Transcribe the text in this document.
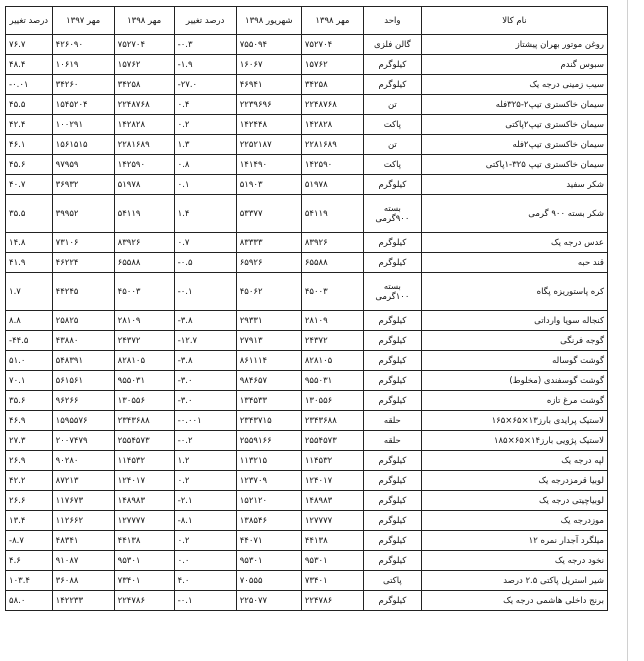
نام کالا	واحد	مهر ۱۳۹۸	شهریور ۱۳۹۸	درصد تغییر	مهر ۱۳۹۸	مهر ۱۳۹۷	درصد تغییر
روغن موتور بهران پیشتاز	گالن فلزی	۷۵۲۷۰۴	۷۵۵۰۹۴	-۰.۳	۷۵۲۷۰۴	۴۲۶۰۹۰	۷۶.۷
سبوس گندم	کیلوگرم	۱۵۷۶۲	۱۶۰۶۷	-۱.۹	۱۵۷۶۲	۱۰۶۱۹	۴۸.۴
سیب زمینی درجه یک	کیلوگرم	۳۴۲۵۸	۴۶۹۴۱	-۲۷.۰	۳۴۲۵۸	۳۴۲۶۰	-۰.۰۱
سیمان خاکستری تیپ۲-۳۲۵فله	تن	۲۲۴۸۷۶۸	۲۲۳۹۶۹۶	۰.۴	۲۲۴۸۷۶۸	۱۵۴۵۲۰۴	۴۵.۵
سیمان خاکستری تیپ۲پاکتی	پاکت	۱۴۲۸۲۸	۱۴۲۴۴۸	۰.۲	۱۴۲۸۲۸	۱۰۰۲۹۱	۴۲.۴
سیمان خاکستری تیپ۲فله	تن	۲۲۸۱۶۸۹	۲۲۵۲۱۸۷	۱.۳	۲۲۸۱۶۸۹	۱۵۶۱۵۱۵	۴۶.۱
سیمان خاکستری تیپ ۳۲۵-۱پاکتی	پاکت	۱۴۲۵۹۰	۱۴۱۴۹۰	۰.۸	۱۴۲۵۹۰	۹۷۹۵۹	۴۵.۶
شکر سفید	کیلوگرم	۵۱۹۷۸	۵۱۹۰۳	۰.۱	۵۱۹۷۸	۳۶۹۳۲	۴۰.۷
شکر بسته ۹۰۰ گرمی	بسته ۹۰۰گرمی	۵۴۱۱۹	۵۳۳۷۷	۱.۴	۵۴۱۱۹	۳۹۹۵۲	۳۵.۵
عدس درجه یک	کیلوگرم	۸۳۹۲۶	۸۳۳۳۳	۰.۷	۸۳۹۲۶	۷۳۱۰۶	۱۴.۸
قند حبه	کیلوگرم	۶۵۵۸۸	۶۵۹۲۶	-۰.۵	۶۵۵۸۸	۴۶۲۲۴	۴۱.۹
کره پاستوریزه پگاه	بسته ۱۰۰گرمی	۴۵۰۰۳	۴۵۰۶۲	-۰.۱	۴۵۰۰۳	۴۴۲۴۵	۱.۷
کنجاله سویا وارداتی	کیلوگرم	۲۸۱۰۹	۲۹۳۳۱	-۳.۸	۲۸۱۰۹	۲۵۸۲۵	۸.۸
گوجه فرنگی	کیلوگرم	۲۴۳۷۲	۲۷۹۱۳	-۱۲.۷	۲۴۳۷۲	۴۳۸۸۰	-۴۴.۵
گوشت گوساله	کیلوگرم	۸۲۸۱۰۵	۸۶۱۱۱۴	-۳.۸	۸۲۸۱۰۵	۵۴۸۳۹۱	۵۱.۰
گوشت گوسفندی (مخلوط)	کیلوگرم	۹۵۵۰۳۱	۹۸۴۶۵۷	-۳.۰	۹۵۵۰۳۱	۵۶۱۵۶۱	۷۰.۱
گوشت مرغ تازه	کیلوگرم	۱۳۰۵۵۶	۱۳۴۵۳۳	-۳.۰	۱۳۰۵۵۶	۹۶۲۶۶	۳۵.۶
لاستیک پرایدی بارز۱۳×۶۵×۱۶۵	حلقه	۲۳۴۳۶۸۸	۲۳۴۳۷۱۵	-۰.۰۰۱	۲۳۴۳۶۸۸	۱۵۹۵۵۷۶	۴۶.۹
لاستیک پژویی بارز۱۴×۶۵×۱۸۵	حلقه	۲۵۵۴۵۷۳	۲۵۵۹۱۶۶	-۰.۲	۲۵۵۴۵۷۳	۲۰۰۷۴۷۹	۲۷.۳
لپه درجه یک	کیلوگرم	۱۱۴۵۳۲	۱۱۳۲۱۵	۱.۲	۱۱۴۵۳۲	۹۰۲۸۰	۲۶.۹
لوبیا قرمزدرجه یک	کیلوگرم	۱۲۴۰۱۷	۱۲۳۷۰۹	۰.۲	۱۲۴۰۱۷	۸۷۲۱۳	۴۲.۲
لوبیاچیتی درجه یک	کیلوگرم	۱۴۸۹۸۳	۱۵۲۱۲۰	-۲.۱	۱۴۸۹۸۳	۱۱۷۶۷۳	۲۶.۶
موزدرجه یک	کیلوگرم	۱۲۷۷۷۷	۱۳۸۵۴۶	-۸.۱	۱۲۷۷۷۷	۱۱۲۶۶۲	۱۳.۴
میلگرد آجدار نمره ۱۲	کیلوگرم	۴۴۱۳۸	۴۴۰۷۱	۰.۲	۴۴۱۳۸	۴۸۳۴۱	-۸.۷
نخود درجه یک	کیلوگرم	۹۵۳۰۱	۹۵۳۰۱	۰.۰	۹۵۳۰۱	۹۱۰۸۷	۴.۶
شیر استریل پاکتی ۲.۵ درصد	پاکتی	۷۳۴۰۱	۷۰۵۵۵	۴.۰	۷۳۴۰۱	۳۶۰۸۸	۱۰۳.۴
برنج داخلی هاشمی درجه یک	کیلوگرم	۲۲۴۷۸۶	۲۲۵۰۷۷	-۰.۱	۲۲۴۷۸۶	۱۴۲۲۳۳	۵۸.۰
